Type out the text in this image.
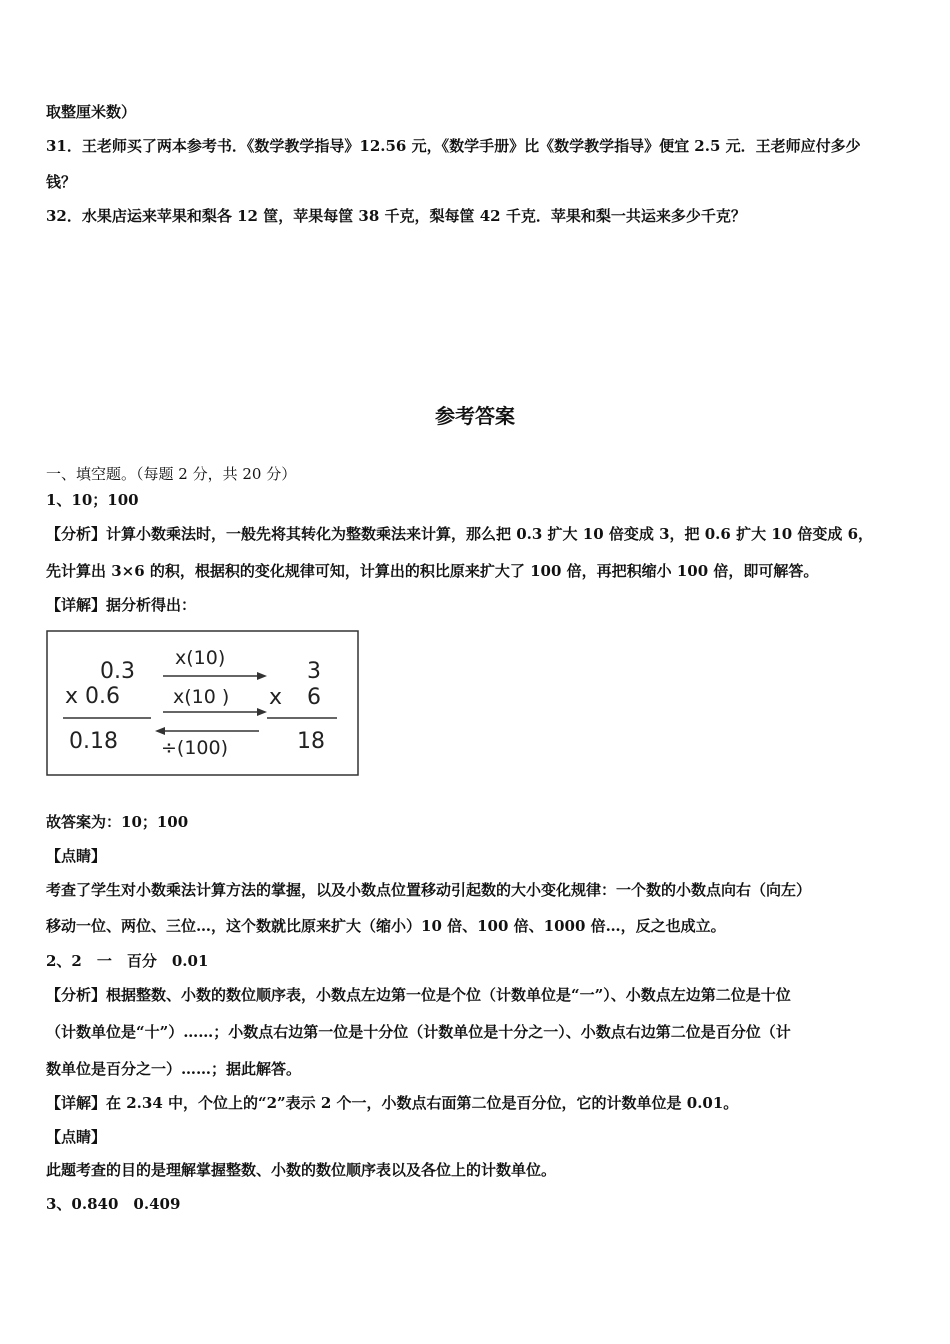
取整厘米数）
31．王老师买了两本参考书．《数学教学指导》12.56 元，《数学手册》比《数学教学指导》便宜 2.5 元．王老师应付多少
钱？
32．水果店运来苹果和梨各 12 筐，苹果每筐 38 千克，梨每筐 42 千克．苹果和梨一共运来多少千克？
参考答案
一、填空题。（每题 2 分，共 20 分）
1、10；100
【分析】计算小数乘法时，一般先将其转化为整数乘法来计算，那么把 0.3 扩大 10 倍变成 3，把 0.6 扩大 10 倍变成 6，
先计算出 3×6 的积，根据积的变化规律可知，计算出的积比原来扩大了 100 倍，再把积缩小 100 倍，即可解答。
【详解】据分析得出：
0.3
x 0.6
0.18
x(10)
x(10 )
÷(100)
3
x 6
18
故答案为：10；100
【点睛】
考查了学生对小数乘法计算方法的掌握，以及小数点位置移动引起数的大小变化规律：一个数的小数点向右（向左）
移动一位、两位、三位…，这个数就比原来扩大（缩小）10 倍、100 倍、1000 倍…，反之也成立。
2、2　一　百分　0.01
【分析】根据整数、小数的数位顺序表，小数点左边第一位是个位（计数单位是“一”）、小数点左边第二位是十位
（计数单位是“十”）……；小数点右边第一位是十分位（计数单位是十分之一）、小数点右边第二位是百分位（计
数单位是百分之一）……；据此解答。
【详解】在 2.34 中，个位上的“2”表示 2 个一，小数点右面第二位是百分位，它的计数单位是 0.01。
【点睛】
此题考查的目的是理解掌握整数、小数的数位顺序表以及各位上的计数单位。
3、0.840　0.409
